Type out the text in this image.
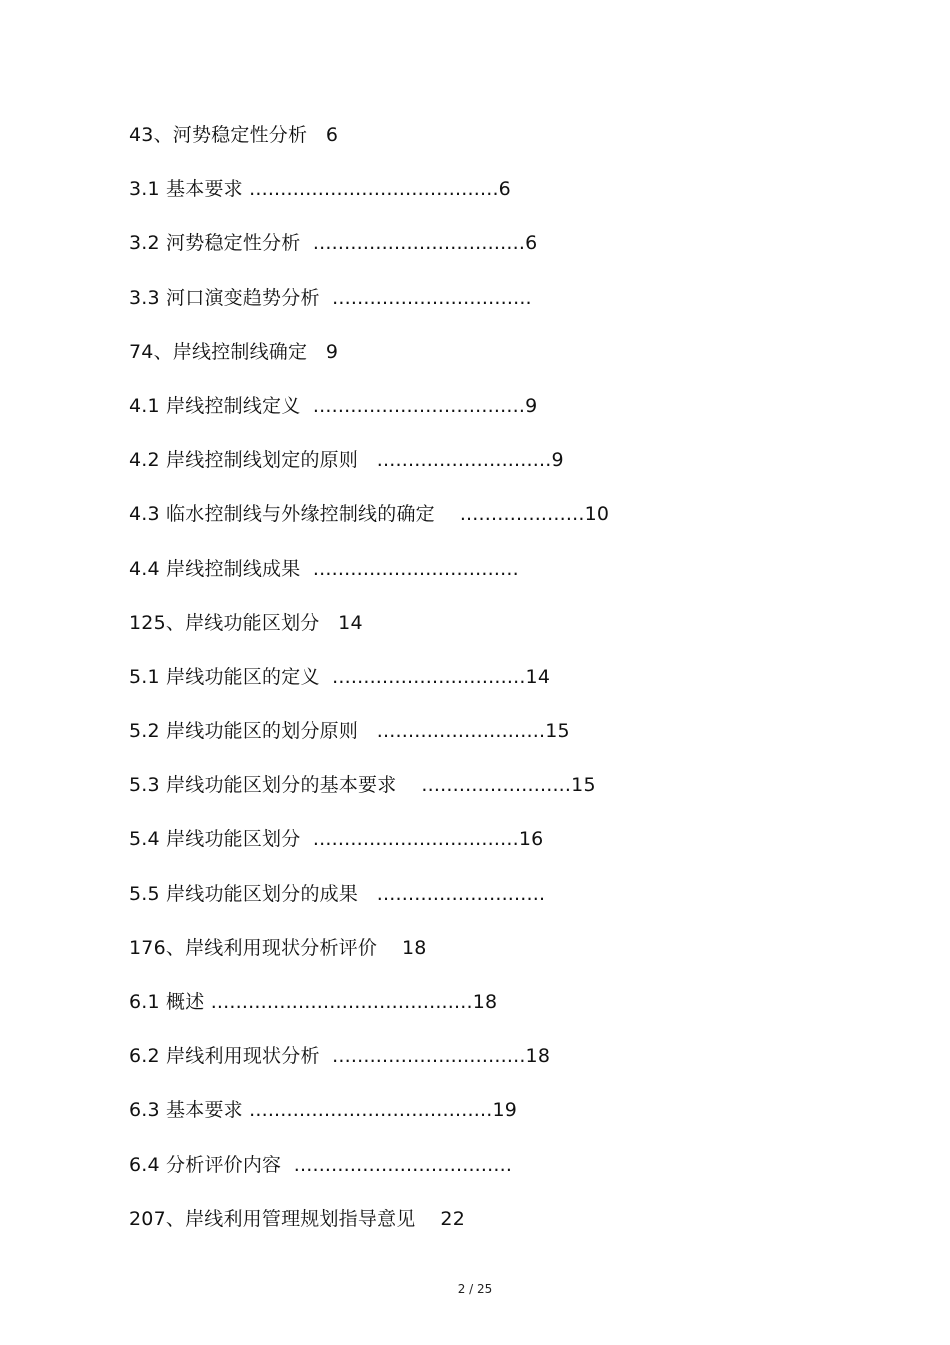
43、河势稳定性分析   6
3.1 基本要求 ........................................6
3.2 河势稳定性分析  ..................................6
3.3 河口演变趋势分析  ................................
74、岸线控制线确定   9
4.1 岸线控制线定义  ..................................9
4.2 岸线控制线划定的原则   ............................9
4.3 临水控制线与外缘控制线的确定    ....................10
4.4 岸线控制线成果  .................................
125、岸线功能区划分   14
5.1 岸线功能区的定义  ...............................14
5.2 岸线功能区的划分原则   ...........................15
5.3 岸线功能区划分的基本要求    ........................15
5.4 岸线功能区划分  .................................16
5.5 岸线功能区划分的成果   ...........................
176、岸线利用现状分析评价    18
6.1 概述 ..........................................18
6.2 岸线利用现状分析  ...............................18
6.3 基本要求 .......................................19
6.4 分析评价内容  ...................................
207、岸线利用管理规划指导意见    22
2 / 25
